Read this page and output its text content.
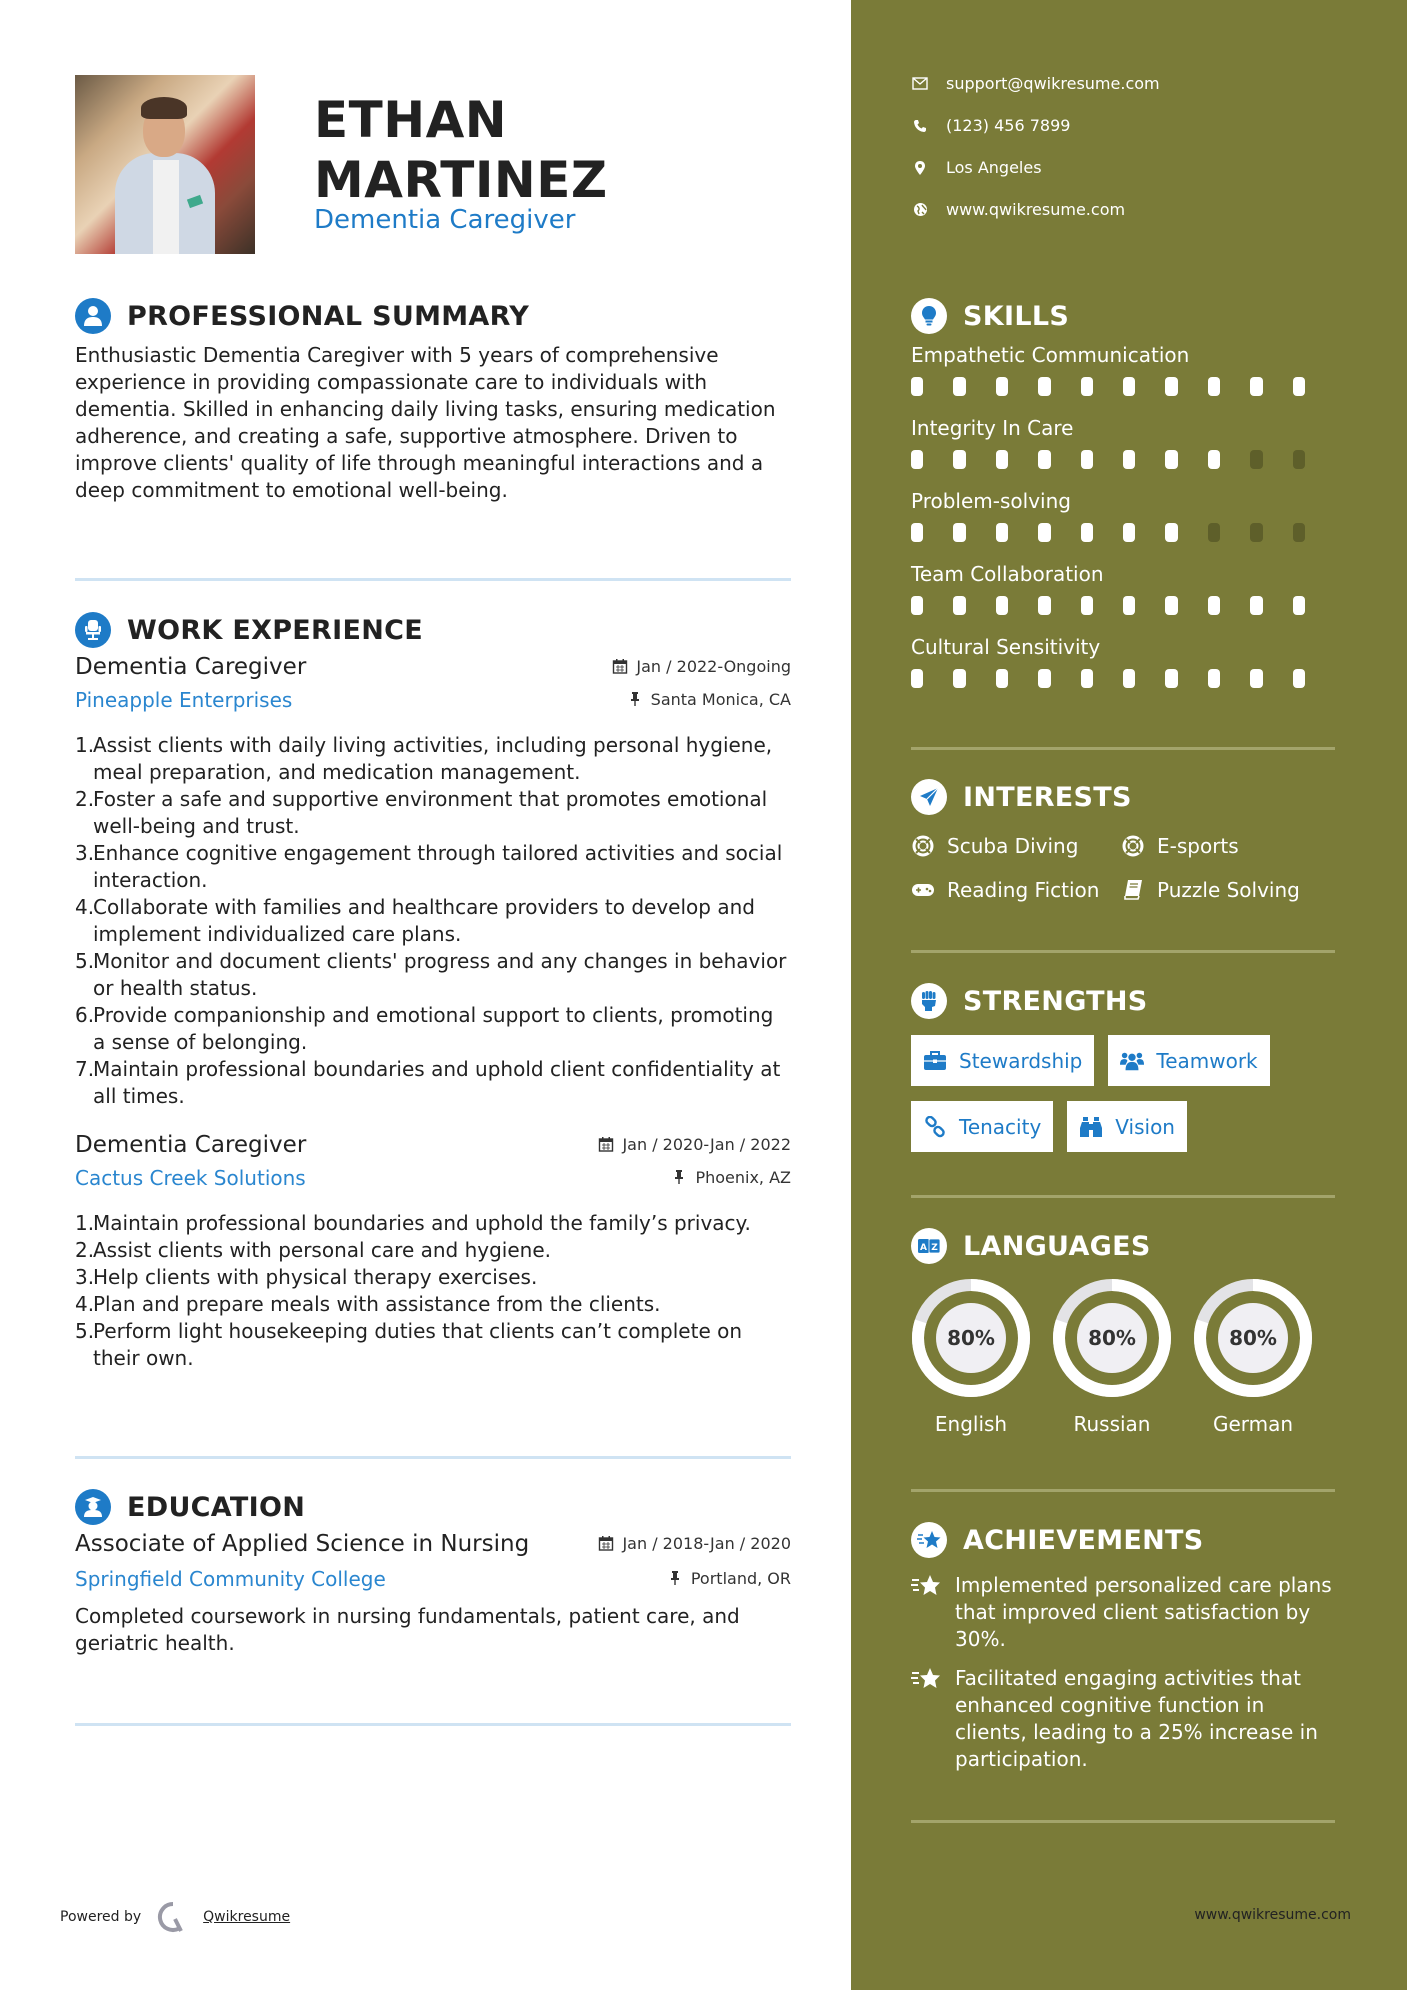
ETHAN
MARTINEZ
Dementia Caregiver
PROFESSIONAL SUMMARY

Enthusiastic Dementia Caregiver with 5 years of comprehensive experience in providing compassionate care to individuals with dementia. Skilled in enhancing daily living tasks, ensuring medication adherence, and creating a safe, supportive atmosphere. Driven to improve clients' quality of life through meaningful interactions and a deep commitment to emotional well-being.

WORK EXPERIENCE
Dementia Caregiver	Jan / 2022-Ongoing
Pineapple Enterprises	Santa Monica, CA
1.
Assist clients with daily living activities, including personal hygiene, meal preparation, and medication management.
2.
Foster a safe and supportive environment that promotes emotional well-being and trust.
3.
Enhance cognitive engagement through tailored activities and social interaction.
4.
Collaborate with families and healthcare providers to develop and implement individualized care plans.
5.
Monitor and document clients' progress and any changes in behavior or health status.
6.
Provide companionship and emotional support to clients, promoting a sense of belonging.
7.
Maintain professional boundaries and uphold client confidentiality at all times.
Dementia Caregiver	Jan / 2020-Jan / 2022
Cactus Creek Solutions	Phoenix, AZ
1.
Maintain professional boundaries and uphold the family’s privacy.
2.
Assist clients with personal care and hygiene.
3.
Help clients with physical therapy exercises.
4.
Plan and prepare meals with assistance from the clients.
5.
Perform light housekeeping duties that clients can’t complete on their own.
EDUCATION
Associate of Applied Science in Nursing	Jan / 2018-Jan / 2020
Springfield Community College	Portland, OR

Completed coursework in nursing fundamentals, patient care, and geriatric health.

Powered by	Qwikresume
support@qwikresume.com
(123) 456 7899
Los Angeles
www.qwikresume.com
SKILLS
Empathetic Communication
Integrity In Care
Problem-solving
Team Collaboration
Cultural Sensitivity
INTERESTS
Scuba Diving	E-sports
Reading Fiction	Puzzle Solving
STRENGTHS
Stewardship	Teamwork
Tenacity	Vision
A Z LANGUAGES
80%
English
80%
Russian
80%
German
ACHIEVEMENTS
Implemented personalized care plans that improved client satisfaction by 30%.
Facilitated engaging activities that enhanced cognitive function in clients, leading to a 25% increase in participation.
www.qwikresume.com
